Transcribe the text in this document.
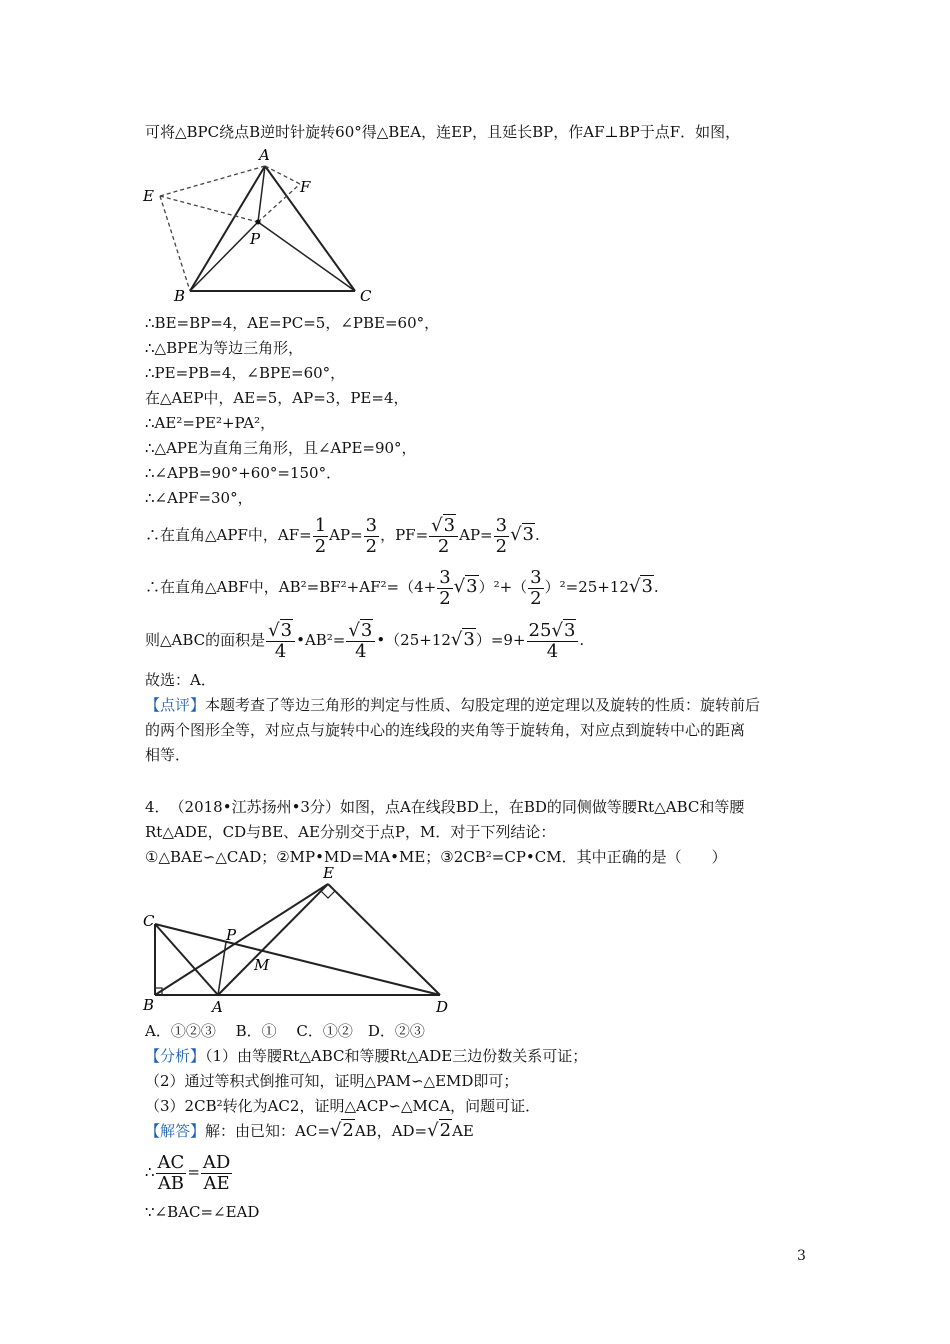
可将△BPC绕点B逆时针旋转60°得△BEA，连EP，且延长BP，作AF⊥BP于点F．如图，
A
E	F
P
B	C
∴BE=BP=4，AE=PC=5，∠PBE=60°，
∴△BPE为等边三角形，
∴PE=PB=4，∠BPE=60°，
在△AEP中，AE=5，AP=3，PE=4，
∴AE²=PE²+PA²，
∴△APE为直角三角形，且∠APE=90°，
∴∠APB=90°+60°=150°．
∴∠APF=30°，
∴在直角△APF中，$AF= \frac{1}{2} AP= \frac{3}{2}$ ，$PF= \frac{√3}{2} AP= \frac{3}{2} √3$.
∴在直角△ABF中，$AB^2=BF^2+AF^2=(4+ \frac{3}{2} √3)^2+( \frac{3}{2} )^2=25+12√3$.
则△ABC的面积是 $\frac{√3}{4}$ •AB²= $\frac{√3}{4}$ •（25+12√3）=9+ $\frac{25√3}{4}$ .
故选：A．
【点评】本题考查了等边三角形的判定与性质、勾股定理的逆定理以及旋转的性质：旋转前后
的两个图形全等，对应点与旋转中心的连线段的夹角等于旋转角，对应点到旋转中心的距离
相等．
4．　（2018•江苏扬州•3分）如图，点A在线段BD上，在BD的同侧做等腰Rt△ABC和等腰
Rt△ADE，CD与BE、AE分别交于点P，M．对于下列结论：
①△BAE∽△CAD；②MP•MD=MA•ME；③2CB²=CP•CM．其中正确的是（　　）
E
C
P
M
B	A	D
A．①②③　 B．①　 C．①②　D．②③
【分析】（1）由等腰Rt△ABC和等腰Rt△ADE三边份数关系可证；
（2）通过等积式倒推可知，证明△PAM∽△EMD即可；
（3）2CB²转化为AC2，证明△ACP∽△MCA，问题可证．
【解答】解：由已知：AC=√2AB，AD=√2AE
∴ $\frac{AC}{AB} = \frac{AD}{AE}$
∵∠BAC=∠EAD
3
